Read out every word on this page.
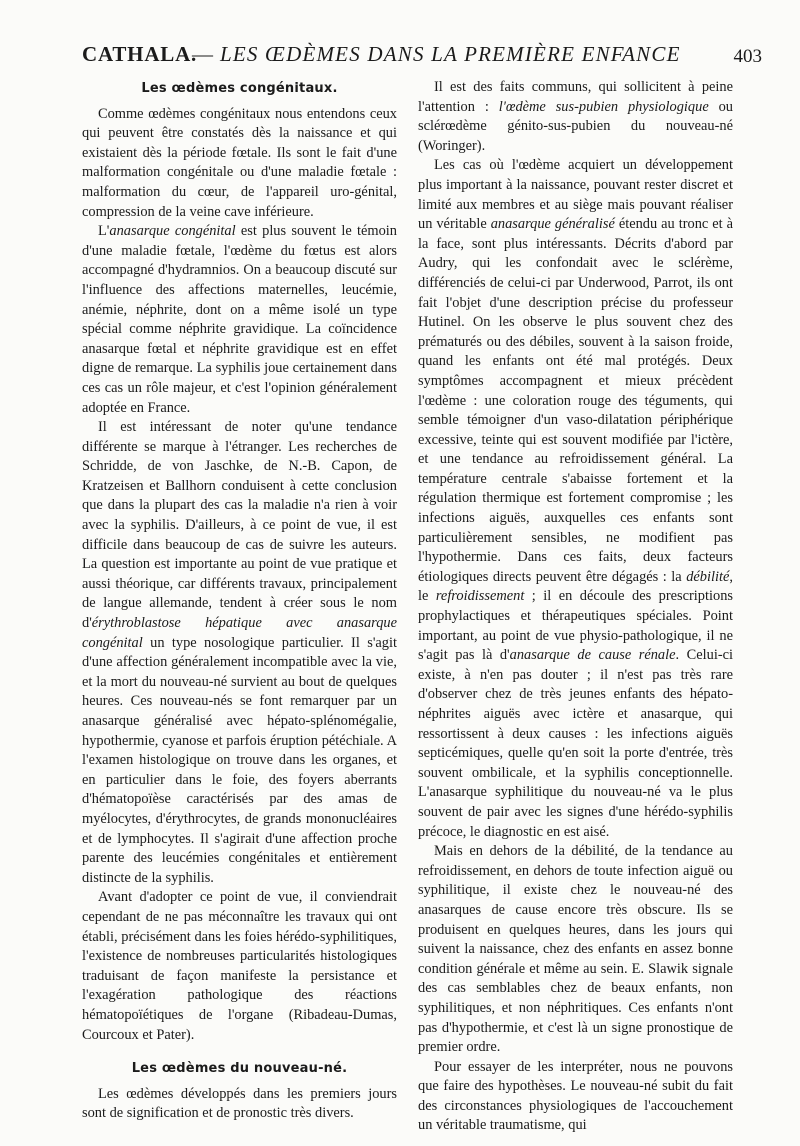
CATHALA.
— LES ŒDÈMES DANS LA PREMIÈRE ENFANCE	403
Les œdèmes congénitaux.

Comme œdèmes congénitaux nous entendons ceux qui peuvent être constatés dès la naissance et qui existaient dès la période fœtale. Ils sont le fait d'une malformation congénitale ou d'une maladie fœtale : malformation du cœur, de l'appareil uro-génital, compression de la veine cave inférieure.

L'anasarque congénital est plus souvent le témoin d'une maladie fœtale, l'œdème du fœtus est alors accompagné d'hydramnios. On a beaucoup discuté sur l'influence des affections maternelles, leucémie, anémie, néphrite, dont on a même isolé un type spécial comme néphrite gravidique. La coïncidence anasarque fœtal et néphrite gravidique est en effet digne de remarque. La syphilis joue certainement dans ces cas un rôle majeur, et c'est l'opinion généralement adoptée en France.

Il est intéressant de noter qu'une tendance différente se marque à l'étranger. Les recherches de Schridde, de von Jaschke, de N.-B. Capon, de Kratzeisen et Ballhorn conduisent à cette conclusion que dans la plupart des cas la maladie n'a rien à voir avec la syphilis. D'ailleurs, à ce point de vue, il est difficile dans beaucoup de cas de suivre les auteurs. La question est importante au point de vue pratique et aussi théorique, car différents travaux, principalement de langue allemande, tendent à créer sous le nom d'érythroblastose hépatique avec anasarque congénital un type nosologique particulier. Il s'agit d'une affection généralement incompatible avec la vie, et la mort du nouveau-né survient au bout de quelques heures. Ces nouveau-nés se font remarquer par un anasarque généralisé avec hépato-splénomégalie, hypothermie, cyanose et parfois éruption pétéchiale. A l'examen histologique on trouve dans les organes, et en particulier dans le foie, des foyers aberrants d'hématopoïèse caractérisés par des amas de myélocytes, d'érythrocytes, de grands mononucléaires et de lymphocytes. Il s'agirait d'une affection proche parente des leucémies congénitales et entièrement distincte de la syphilis.

Avant d'adopter ce point de vue, il conviendrait cependant de ne pas méconnaître les travaux qui ont établi, précisément dans les foies hérédo-syphilitiques, l'existence de nombreuses particularités histologiques traduisant de façon manifeste la persistance et l'exagération pathologique des réactions hématopoïétiques de l'organe (Ribadeau-Dumas, Courcoux et Pater).

Les œdèmes du nouveau-né.

Les œdèmes développés dans les premiers jours sont de signification et de pronostic très divers.

Il est des faits communs, qui sollicitent à peine l'attention : l'œdème sus-pubien physiologique ou sclérœdème génito-sus-pubien du nouveau-né (Woringer).

Les cas où l'œdème acquiert un développement plus important à la naissance, pouvant rester discret et limité aux membres et au siège mais pouvant réaliser un véritable anasarque généralisé étendu au tronc et à la face, sont plus intéressants. Décrits d'abord par Audry, qui les confondait avec le sclérème, différenciés de celui-ci par Underwood, Parrot, ils ont fait l'objet d'une description précise du professeur Hutinel. On les observe le plus souvent chez des prématurés ou des débiles, souvent à la saison froide, quand les enfants ont été mal protégés. Deux symptômes accompagnent et mieux précèdent l'œdème : une coloration rouge des téguments, qui semble témoigner d'un vaso-dilatation périphérique excessive, teinte qui est souvent modifiée par l'ictère, et une tendance au refroidissement général. La température centrale s'abaisse fortement et la régulation thermique est fortement compromise ; les infections aiguës, auxquelles ces enfants sont particulièrement sensibles, ne modifient pas l'hypothermie. Dans ces faits, deux facteurs étiologiques directs peuvent être dégagés : la débilité, le refroidissement ; il en découle des prescriptions prophylactiques et thérapeutiques spéciales. Point important, au point de vue physio-pathologique, il ne s'agit pas là d'anasarque de cause rénale. Celui-ci existe, à n'en pas douter ; il n'est pas très rare d'observer chez de très jeunes enfants des hépato-néphrites aiguës avec ictère et anasarque, qui ressortissent à deux causes : les infections aiguës septicémiques, quelle qu'en soit la porte d'entrée, très souvent ombilicale, et la syphilis conceptionnelle. L'anasarque syphilitique du nouveau-né va le plus souvent de pair avec les signes d'une hérédo-syphilis précoce, le diagnostic en est aisé.

Mais en dehors de la débilité, de la tendance au refroidissement, en dehors de toute infection aiguë ou syphilitique, il existe chez le nouveau-né des anasarques de cause encore très obscure. Ils se produisent en quelques heures, dans les jours qui suivent la naissance, chez des enfants en assez bonne condition générale et même au sein. E. Slawik signale des cas semblables chez de beaux enfants, non syphilitiques, et non néphritiques. Ces enfants n'ont pas d'hypothermie, et c'est là un signe pronostique de premier ordre.

Pour essayer de les interpréter, nous ne pouvons que faire des hypothèses. Le nouveau-né subit du fait des circonstances physiologiques de l'accouchement un véritable traumatisme, qui
